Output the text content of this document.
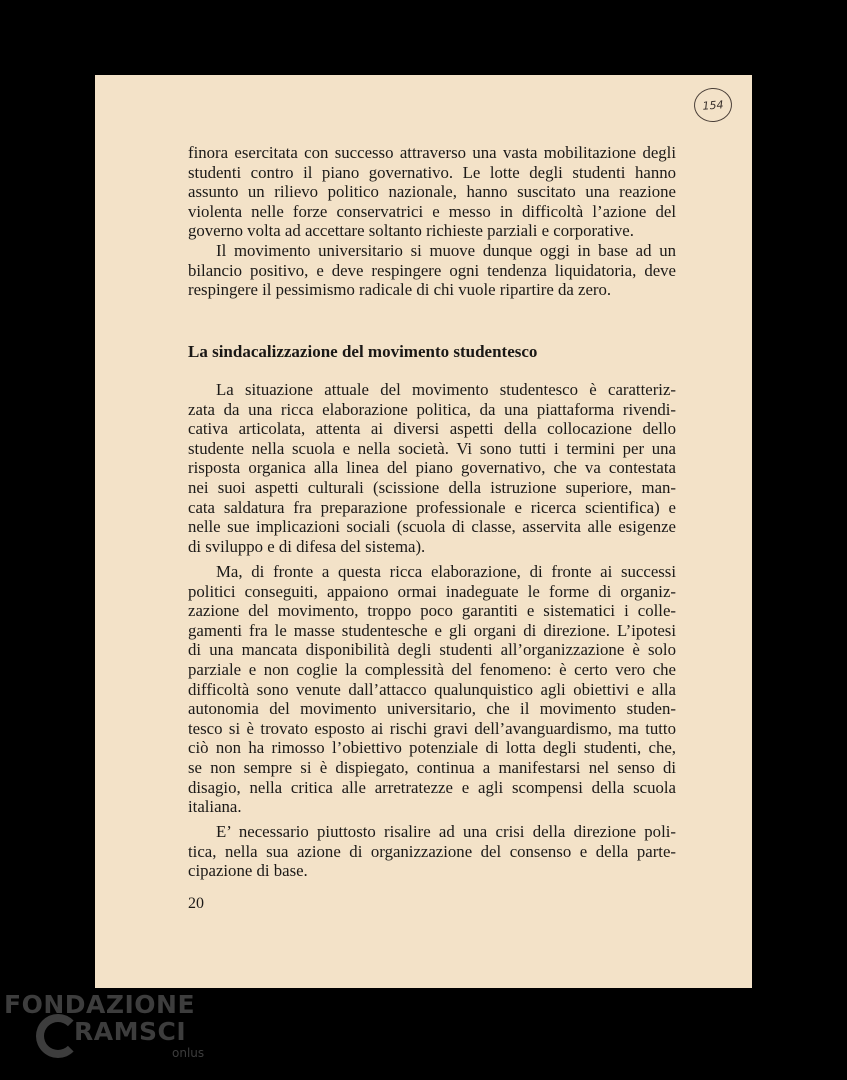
154

finora esercitata con successo attraverso una vasta mobilitazione degli
studenti contro il piano governativo. Le lotte degli studenti hanno
assunto un rilievo politico nazionale, hanno suscitato una reazione
violenta nelle forze conservatrici e messo in difficoltà l’azione del
governo volta ad accettare soltanto richieste parziali e corporative.

Il movimento universitario si muove dunque oggi in base ad un
bilancio positivo, e deve respingere ogni tendenza liquidatoria, deve
respingere il pessimismo radicale di chi vuole ripartire da zero.

La sindacalizzazione del movimento studentesco

La situazione attuale del movimento studentesco è caratteriz-
zata da una ricca elaborazione politica, da una piattaforma rivendi-
cativa articolata, attenta ai diversi aspetti della collocazione dello
studente nella scuola e nella società. Vi sono tutti i termini per una
risposta organica alla linea del piano governativo, che va contestata
nei suoi aspetti culturali (scissione della istruzione superiore, man-
cata saldatura fra preparazione professionale e ricerca scientifica) e
nelle sue implicazioni sociali (scuola di classe, asservita alle esigenze
di sviluppo e di difesa del sistema).

Ma, di fronte a questa ricca elaborazione, di fronte ai successi
politici conseguiti, appaiono ormai inadeguate le forme di organiz-
zazione del movimento, troppo poco garantiti e sistematici i colle-
gamenti fra le masse studentesche e gli organi di direzione. L’ipotesi
di una mancata disponibilità degli studenti all’organizzazione è solo
parziale e non coglie la complessità del fenomeno: è certo vero che
difficoltà sono venute dall’attacco qualunquistico agli obiettivi e alla
autonomia del movimento universitario, che il movimento studen-
tesco si è trovato esposto ai rischi gravi dell’avanguardismo, ma tutto
ciò non ha rimosso l’obiettivo potenziale di lotta degli studenti, che,
se non sempre si è dispiegato, continua a manifestarsi nel senso di
disagio, nella critica alle arretratezze e agli scompensi della scuola
italiana.

E’ necessario piuttosto risalire ad una crisi della direzione poli-
tica, nella sua azione di organizzazione del consenso e della parte-
cipazione di base.

20
FONDAZIONE
RAMSCI
onlus
